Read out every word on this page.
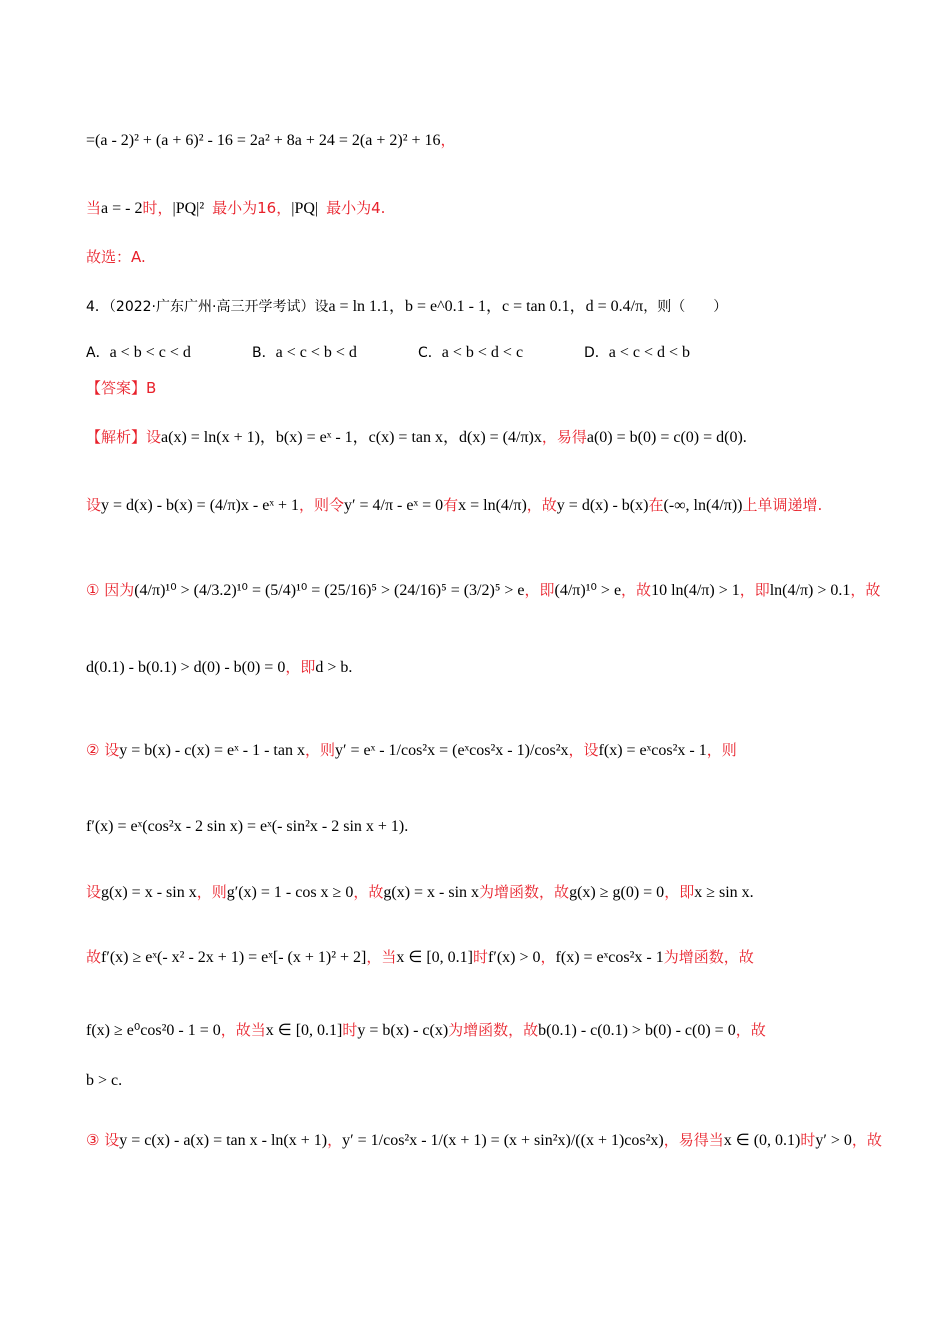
=(a - 2)² + (a + 6)² - 16 = 2a² + 8a + 24 = 2(a + 2)² + 16，
当a = - 2时，|PQ|² 最小为16，|PQ| 最小为4.
故选：A.
4．（2022·广东广州·高三开学考试）设a = ln 1.1，b = e^0.1 - 1，c = tan 0.1，d = 0.4/π，则（　　）
A．a < b < c < d	B．a < c < b < d	C．a < b < d < c	D．a < c < d < b
【答案】B
【解析】设a(x) = ln(x + 1)，b(x) = eˣ - 1，c(x) = tan x，d(x) = (4/π)x，易得a(0) = b(0) = c(0) = d(0).
设y = d(x) - b(x) = (4/π)x - eˣ + 1，则令y′ = 4/π - eˣ = 0有x = ln(4/π)，故y = d(x) - b(x)在(-∞, ln(4/π))上单调递增.
① 因为(4/π)¹⁰ > (4/3.2)¹⁰ = (5/4)¹⁰ = (25/16)⁵ > (24/16)⁵ = (3/2)⁵ > e，即(4/π)¹⁰ > e，故10 ln(4/π) > 1，即ln(4/π) > 0.1，故
d(0.1) - b(0.1) > d(0) - b(0) = 0，即d > b.
② 设y = b(x) - c(x) = eˣ - 1 - tan x，则y′ = eˣ - 1/cos²x = (eˣcos²x - 1)/cos²x，设f(x) = eˣcos²x - 1，则
f′(x) = eˣ(cos²x - 2 sin x) = eˣ(- sin²x - 2 sin x + 1).
设g(x) = x - sin x，则g′(x) = 1 - cos x ≥ 0，故g(x) = x - sin x为增函数，故g(x) ≥ g(0) = 0，即x ≥ sin x.
故f′(x) ≥ eˣ(- x² - 2x + 1) = eˣ[- (x + 1)² + 2]，当x ∈ [0, 0.1]时f′(x) > 0，f(x) = eˣcos²x - 1为增函数，故
f(x) ≥ e⁰cos²0 - 1 = 0，故当x ∈ [0, 0.1]时y = b(x) - c(x)为增函数，故b(0.1) - c(0.1) > b(0) - c(0) = 0，故
b > c.
③ 设y = c(x) - a(x) = tan x - ln(x + 1)，y′ = 1/cos²x - 1/(x + 1) = (x + sin²x)/((x + 1)cos²x)，易得当x ∈ (0, 0.1)时y′ > 0，故
